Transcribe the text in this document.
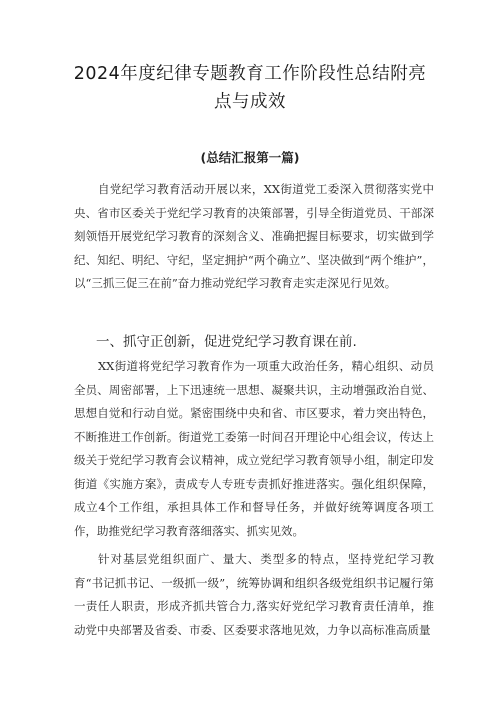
2024年度纪律专题教育工作阶段性总结附亮点与成效
(总结汇报第一篇)

自党纪学习教育活动开展以来，XX街道党工委深入贯彻落实党中央、省市区委关于党纪学习教育的决策部署，引导全街道党员、干部深刻领悟开展党纪学习教育的深刻含义、准确把握目标要求，切实做到学纪、知纪、明纪、守纪，坚定拥护“两个确立”、坚决做到“两个维护”，以“三抓三促三在前”奋力推动党纪学习教育走实走深见行见效。

一、抓守正创新，促进党纪学习教育课在前.

XX街道将党纪学习教育作为一项重大政治任务，精心组织、动员全员、周密部署，上下迅速统一思想、凝聚共识，主动增强政治自觉、思想自觉和行动自觉。紧密围绕中央和省、市区要求，着力突出特色，不断推进工作创新。街道党工委第一时间召开理论中心组会议，传达上级关于党纪学习教育会议精神，成立党纪学习教育领导小组，制定印发街道《实施方案》，责成专人专班专责抓好推进落实。强化组织保障，成立4个工作组，承担具体工作和督导任务，并做好统筹调度各项工作，助推党纪学习教育落细落实、抓实见效。

针对基层党组织面广、量大、类型多的特点，坚持党纪学习教育“书记抓书记、一级抓一级”，统筹协调和组织各级党组织书记履行第一责任人职责，形成齐抓共管合力,落实好党纪学习教育责任清单，推动党中央部署及省委、市委、区委要求落地见效，力争以高标准高质量
